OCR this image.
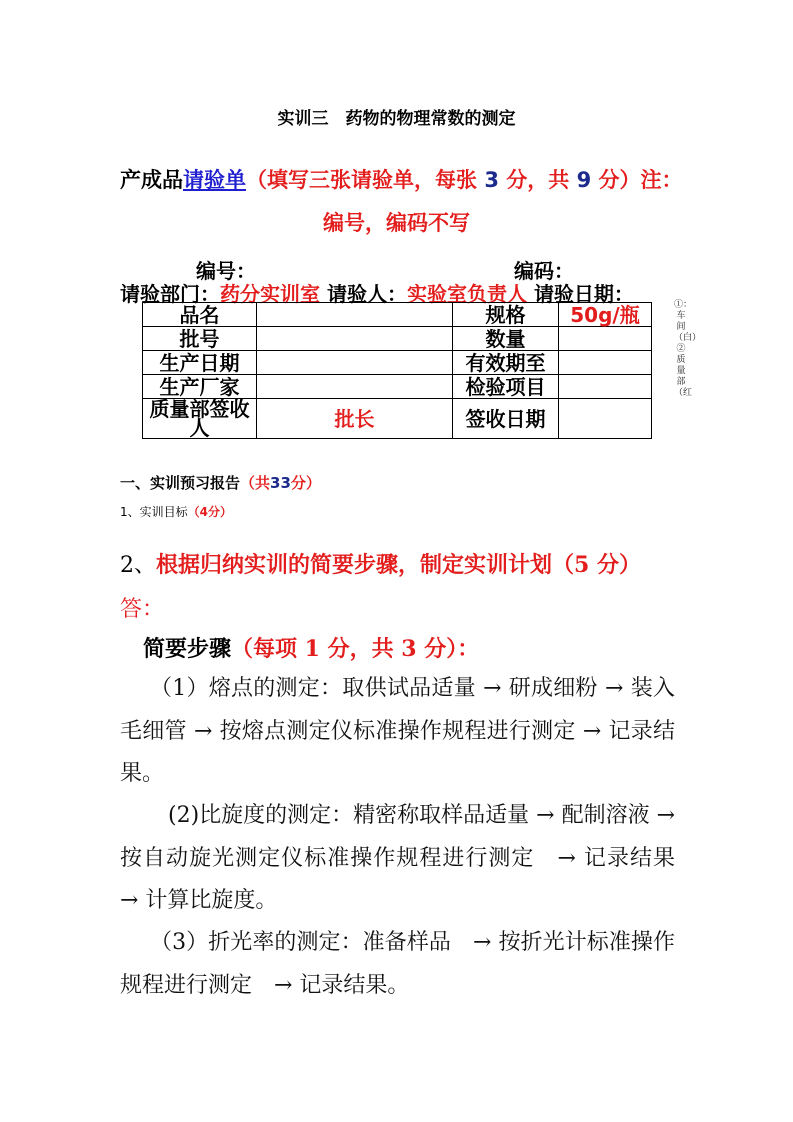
实训三　药物的物理常数的测定
产成品请验单（填写三张请验单，每张 3 分，共 9 分）注：
编号，编码不写
编号：	编码：
请验部门：药分实训室 请验人：实验室负责人 请验日期：
品名		规格	50g/瓶
批号		数量	
生产日期		有效期至	
生产厂家		检验项目	
质量部签收人	批长	签收日期	
①：车间（白）②质量部（红
一、实训预习报告（共33分）
1、实训目标（4分）
2、根据归纳实训的简要步骤，制定实训计划（5 分）
答：
简要步骤（每项 1 分，共 3 分）：
（1）熔点的测定：取供试品适量 → 研成细粉 → 装入毛细管 → 按熔点测定仪标准操作规程进行测定 → 记录结果。
(2)比旋度的测定：精密称取样品适量 → 配制溶液 → 按自动旋光测定仪标准操作规程进行测定　→ 记录结果　→ 计算比旋度。
（3）折光率的测定：准备样品　→ 按折光计标准操作规程进行测定　→ 记录结果。
